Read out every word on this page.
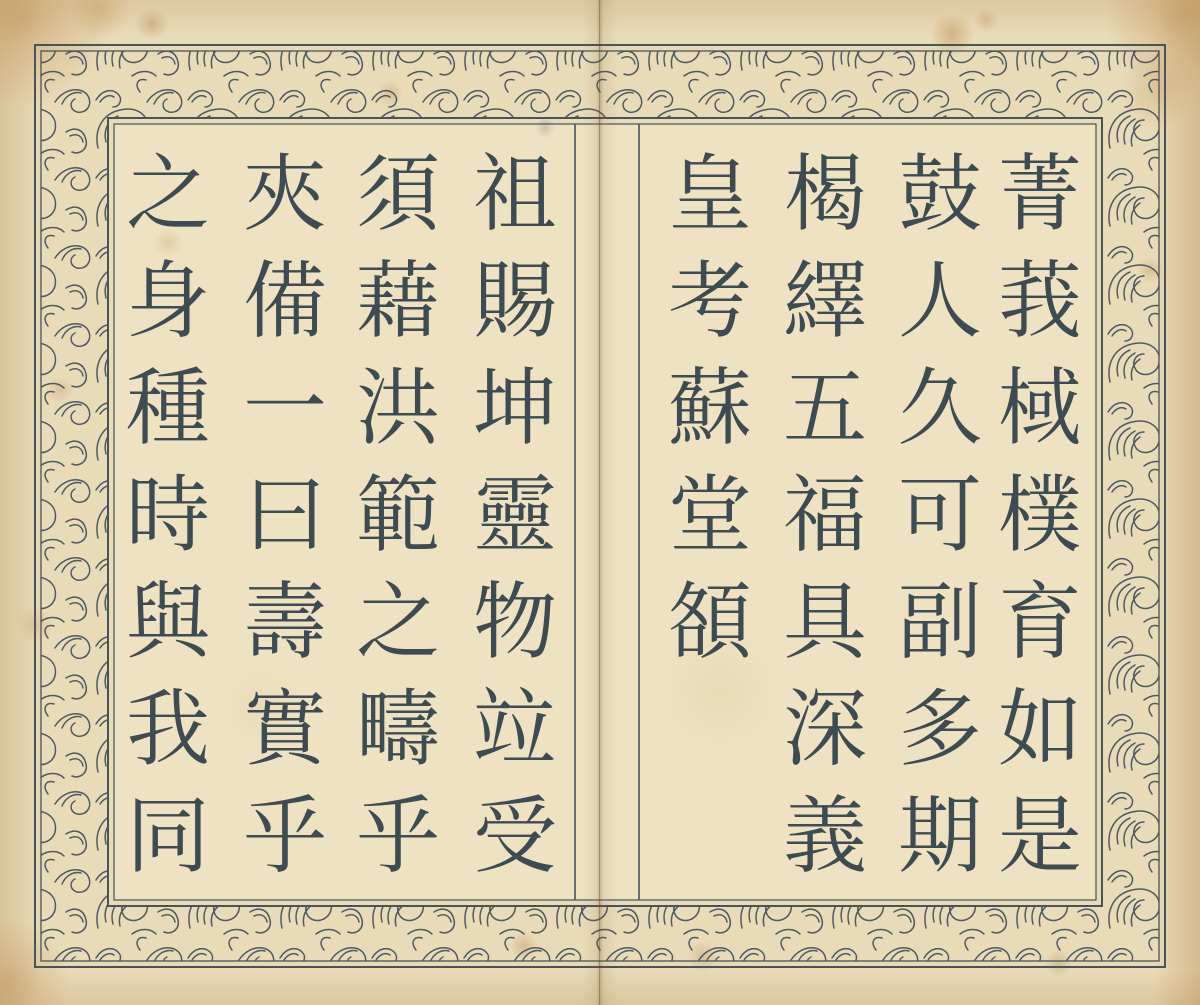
菁
莪
棫
樸
育
如
是
鼓
人
久
可
副
多
期
楬
繹
五
福
具
深
義
皇
考
蘇
堂
頟
祖
賜
坤
靈
物
竝
受
須
藉
洪
範
之
疇
乎
夾
備
一
曰
壽
實
乎
之
身
種
時
與
我
同
